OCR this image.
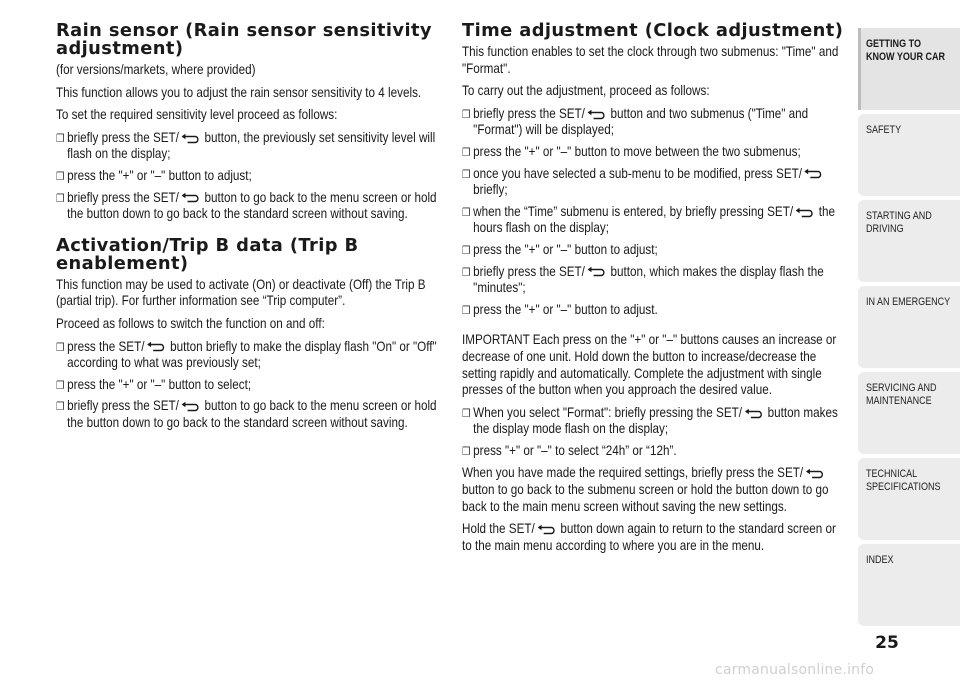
Rain sensor (Rain sensor sensitivity adjustment)

(for versions/markets, where provided)

This function allows you to adjust the rain sensor sensitivity to 4 levels.

To set the required sensitivity level proceed as follows:

❒ briefly press the SET/
button, the previously set sensitivity level will flash on the display;
❒ press the "+" or "–" button to adjust;
❒ briefly press the SET/
button to go back to the menu screen or hold the button down to go back to the standard screen without saving.
Activation/Trip B data (Trip B enablement)

This function may be used to activate (On) or deactivate (Off) the Trip B (partial trip). For further information see “Trip computer”.

Proceed as follows to switch the function on and off:

❒ press the SET/
button briefly to make the display flash "On" or "Off" according to what was previously set;
❒ press the "+" or "–" button to select;
❒ briefly press the SET/
button to go back to the menu screen or hold the button down to go back to the standard screen without saving.
Time adjustment (Clock adjustment)

This function enables to set the clock through two submenus: "Time" and "Format".

To carry out the adjustment, proceed as follows:

❒ briefly press the SET/
button and two submenus ("Time" and "Format") will be displayed;
❒ press the "+" or "–" button to move between the two submenus;
❒ once you have selected a sub-menu to be modified, press SET/
briefly;
❒ when the “Time” submenu is entered, by briefly pressing SET/
the hours flash on the display;
❒ press the "+" or "–" button to adjust;
❒ briefly press the SET/
button, which makes the display flash the "minutes";
❒ press the "+" or "–" button to adjust.

IMPORTANT Each press on the "+" or "–" buttons causes an increase or decrease of one unit. Hold down the button to increase/decrease the setting rapidly and automatically. Complete the adjustment with single presses of the button when you approach the desired value.

❒ When you select "Format": briefly pressing the SET/
button makes the display mode flash on the display;
❒ press "+" or "–" to select “24h” or “12h”.

When you have made the required settings, briefly press the SET/
button to go back to the submenu screen or hold the button down to go back to the main menu screen without saving the new settings.

Hold the SET/
button down again to return to the standard screen or to the main menu according to where you are in the menu.

GETTING TO KNOW YOUR CAR
SAFETY
STARTING AND DRIVING
IN AN EMERGENCY
SERVICING AND MAINTENANCE
TECHNICAL SPECIFICATIONS
INDEX
25
carmanualsonline.info
